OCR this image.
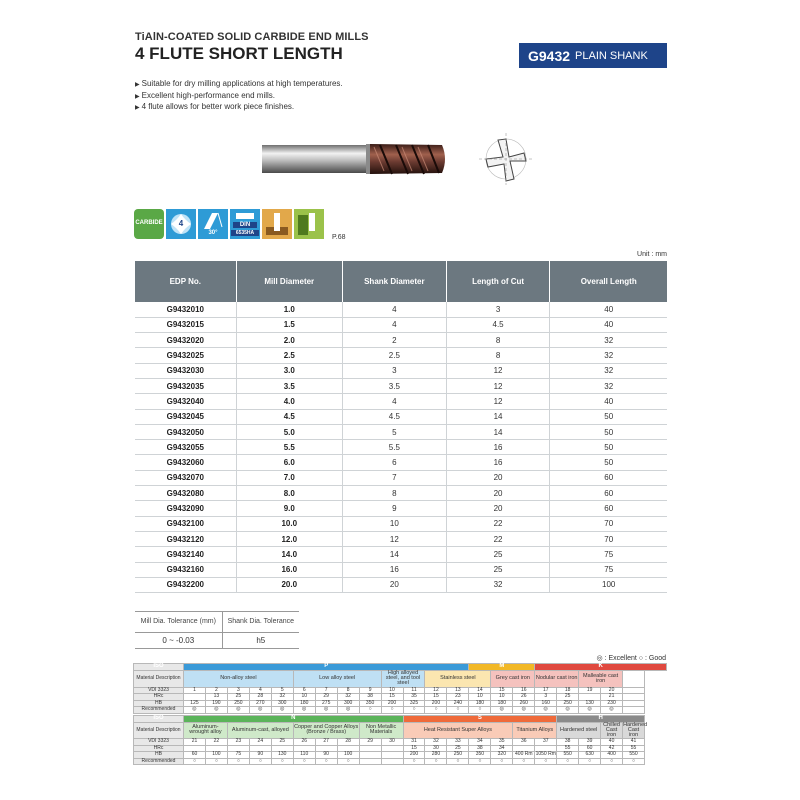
TiAlN-COATED SOLID CARBIDE END MILLS
4 FLUTE SHORT LENGTH	G9432 PLAIN SHANK
▶ Suitable for dry milling applications at high temperatures.
▶ Excellent high-performance end mills.
▶ 4 flute allows for better work piece finishes.
CARBIDE	4
30°
DIN
6535HA
P.68
Unit : mm
EDP No.	Mill Diameter	Shank Diameter	Length of Cut	Overall Length
G9432010	1.0	4	3	40
G9432015	1.5	4	4.5	40
G9432020	2.0	2	8	32
G9432025	2.5	2.5	8	32
G9432030	3.0	3	12	32
G9432035	3.5	3.5	12	32
G9432040	4.0	4	12	40
G9432045	4.5	4.5	14	50
G9432050	5.0	5	14	50
G9432055	5.5	5.5	16	50
G9432060	6.0	6	16	50
G9432070	7.0	7	20	60
G9432080	8.0	8	20	60
G9432090	9.0	9	20	60
G9432100	10.0	10	22	70
G9432120	12.0	12	22	70
G9432140	14.0	14	25	75
G9432160	16.0	16	25	75
G9432200	20.0	20	32	100
Mill Dia. Tolerance (mm)	Shank Dia. Tolerance
0 ~ -0.03	h5
◎ : Excellent ○ : Good
ISO	P													M			K				
Material Description	Non-alloy steel					Low alloy steel				High alloyed steel, and tool steel		Stainless steel			Grey cast iron		Nodular cast iron		Malleable cast iron		
VDI 3323	1	2	3	4	5	6	7	8	9	10	11	12	13	14	15	16	17	18	19	20	
HRc		13	25	28	32	10	29	32	38	15	35	15	23	10	10	26	3	25		21	
HB	125	190	250	270	300	180	275	300	350	200	325	200	240	180	180	260	160	250	130	230	
Recommended	◎	◎	◎	◎	◎	◎	◎	◎	○	○	○	○	○	○	◎	◎	◎	◎	◎	◎	

ISO	N										S							H			
Material Description	Aluminum-wrought alloy		Aluminum-cast, alloyed			Copper and Copper Alloys (Bronze / Brass)			Non Metallic Materials		Heat Resistant Super Alloys					Titanium Alloys		Hardened steel		Chilled Cast iron	Hardened Cast iron
VDI 3323	21	22	23	24	25	26	27	28	29	30	31	32	33	34	35	36	37	38	39	40	41
HRc											15	30	25	38	34			55	60	42	55
HB	60	100	75	90	130	110	90	100			200	280	250	350	320	400 Rm	1050 Rm	550	630	400	550
Recommended	○	○	○	○	○	○	○	○			○	○	○	○	○	○	○	○	○	○	○
